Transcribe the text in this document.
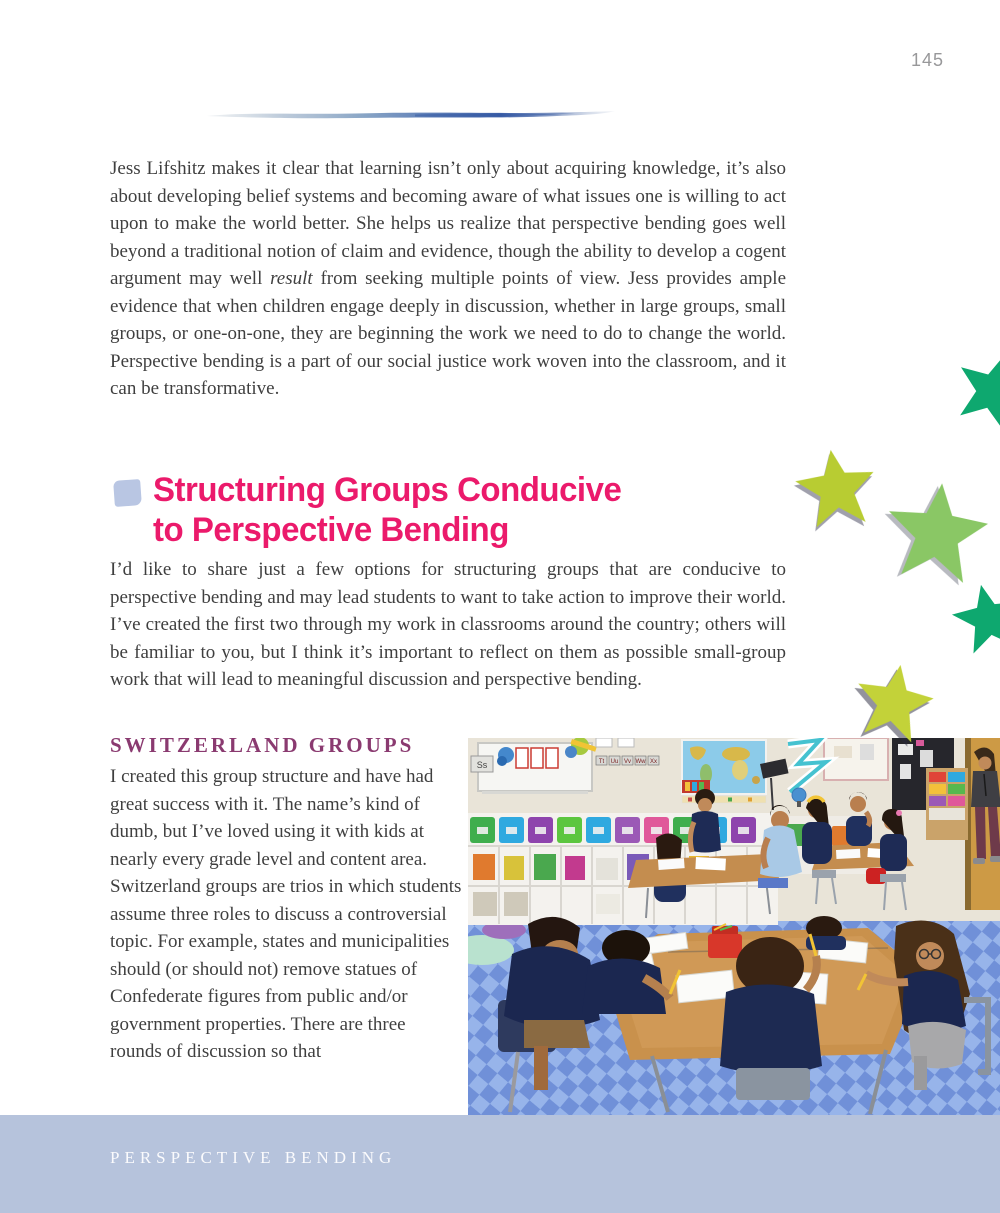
145

Jess Lifshitz makes it clear that learning isn’t only about acquiring knowledge, it’s also about developing belief systems and becoming aware of what issues one is willing to act upon to make the world better. She helps us realize that perspective bending goes well beyond a traditional notion of claim and evidence, though the ability to develop a cogent argument may well result from seeking multiple points of view. Jess provides ample evidence that when children engage deeply in discussion, whether in large groups, small groups, or one-on-one, they are beginning the work we need to do to change the world. Perspective bending is a part of our social justice work woven into the classroom, and it can be transformative.

Structuring Groups Conducive
to Perspective Bending

I’d like to share just a few options for structuring groups that are conducive to perspective bending and may lead students to want to take action to improve their world. I’ve created the first two through my work in classrooms around the country; others will be familiar to you, but I think it’s important to reflect on them as possible small-group work that will lead to meaningful discussion and perspective bending.

SWITZERLAND GROUPS

I created this group structure and have had great success with it. The name’s kind of dumb, but I’ve loved using it with kids at nearly every grade level and content area. Switzerland groups are trios in which students assume three roles to discuss a controversial topic. For example, states and municipalities should (or should not) remove statues of Confederate figures from public and/or government properties. There are three rounds of discussion so that

Ss	Tt Uu Vv Ww Xx
PERSPECTIVE BENDING
